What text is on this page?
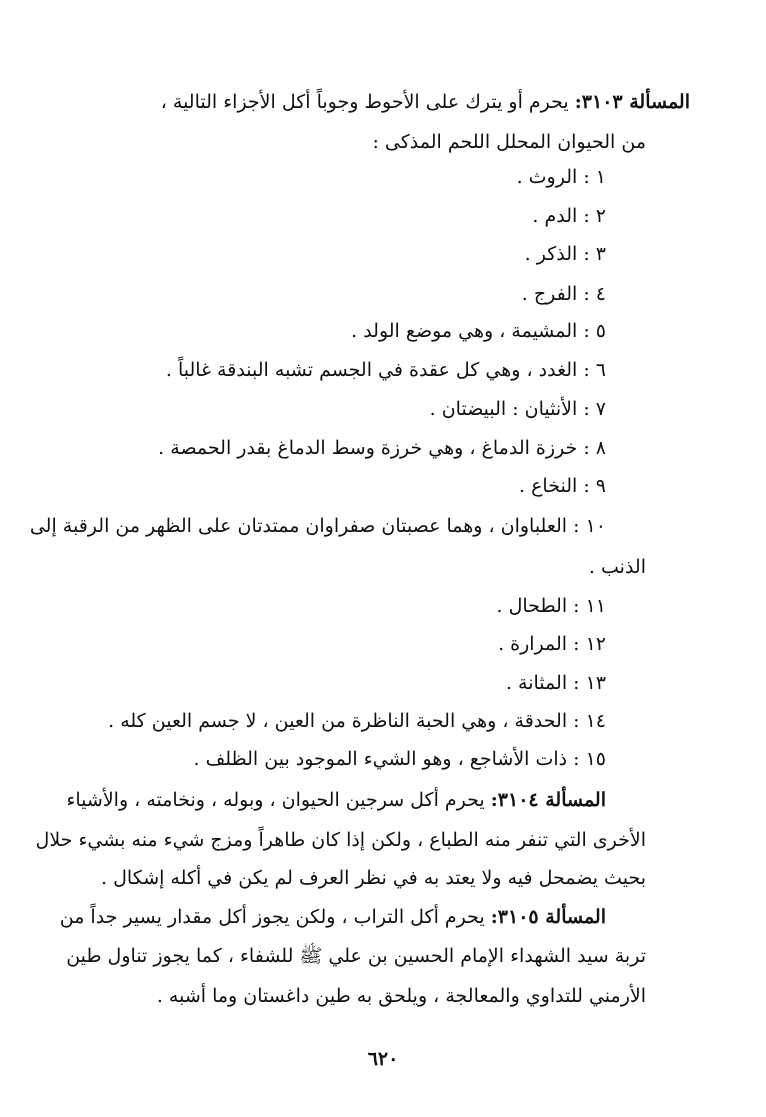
المسألة ٣١٠٣: يحرم أو يترك على الأحوط وجوباً أكل الأجزاء التالية ،
من الحيوان المحلل اللحم المذكى :
١ : الروث .
٢ : الدم .
٣ : الذكر .
٤ : الفرج .
٥ : المشيمة ، وهي موضع الولد .
٦ : الغدد ، وهي كل عقدة في الجسم تشبه البندقة غالباً .
٧ : الأنثيان : البيضتان .
٨ : خرزة الدماغ ، وهي خرزة وسط الدماغ بقدر الحمصة .
٩ : النخاع .
١٠ : العلباوان ، وهما عصبتان صفراوان ممتدتان على الظهر من الرقبة إلى
الذنب .
١١ : الطحال .
١٢ : المرارة .
١٣ : المثانة .
١٤ : الحدقة ، وهي الحبة الناظرة من العين ، لا جسم العين كله .
١٥ : ذات الأشاجع ، وهو الشيء الموجود بين الظلف .
المسألة ٣١٠٤: يحرم أكل سرجين الحيوان ، وبوله ، ونخامته ، والأشياء
الأخرى التي تنفر منه الطباع ، ولكن إذا كان طاهراً ومزج شيء منه بشيء حلال
بحيث يضمحل فيه ولا يعتد به في نظر العرف لم يكن في أكله إشكال .
المسألة ٣١٠٥: يحرم أكل التراب ، ولكن يجوز أكل مقدار يسير جداً من
تربة سيد الشهداء الإمام الحسين بن علي ﷺ للشفاء ، كما يجوز تناول طين
الأرمني للتداوي والمعالجة ، ويلحق به طين داغستان وما أشبه .
٦٢٠
